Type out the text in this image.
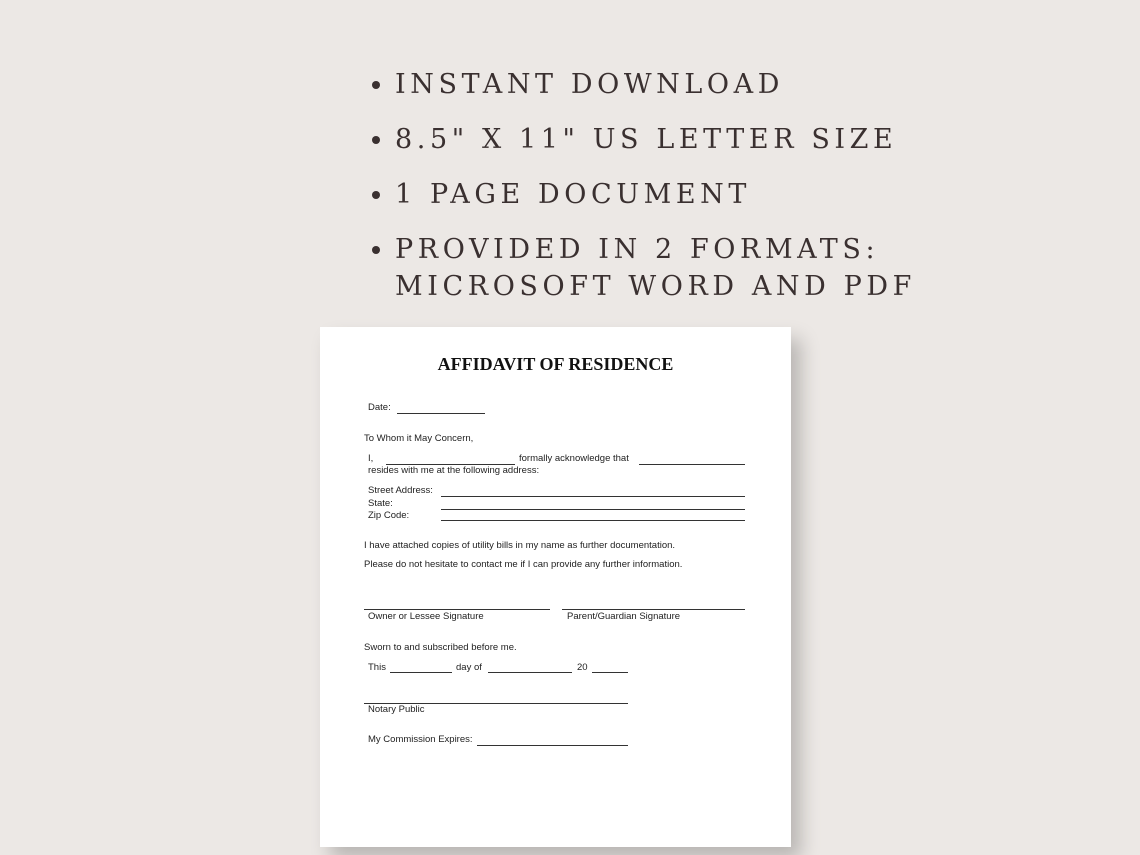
INSTANT DOWNLOAD
8.5" X 11" US LETTER SIZE
1 PAGE DOCUMENT
PROVIDED IN 2 FORMATS:
MICROSOFT WORD AND PDF
AFFIDAVIT OF RESIDENCE
Date:
To Whom it May Concern,
I,	formally acknowledge that
resides with me at the following address:
Street Address:
State:
Zip Code:
I have attached copies of utility bills in my name as further documentation.
Please do not hesitate to contact me if I can provide any further information.
Owner or Lessee Signature	Parent/Guardian Signature
Sworn to and subscribed before me.
This	day of	20
Notary Public
My Commission Expires:
